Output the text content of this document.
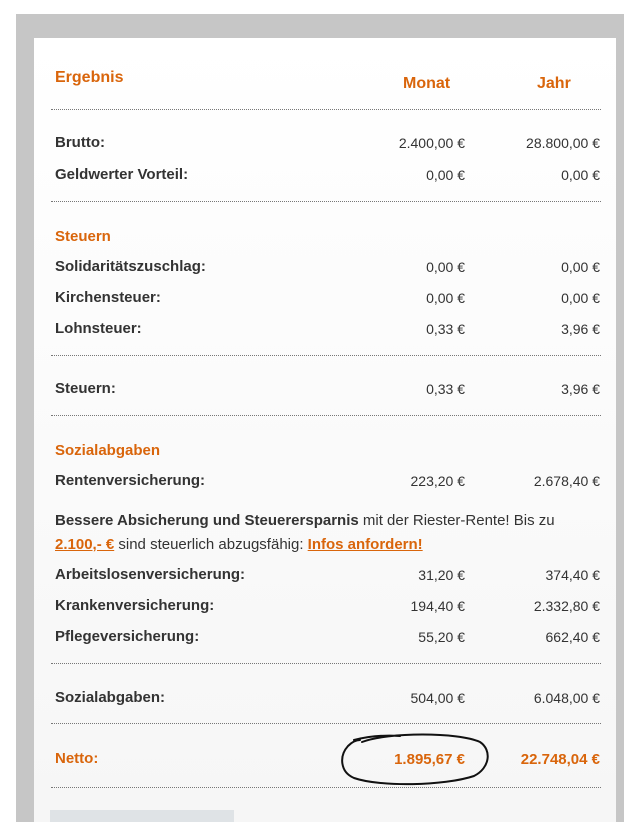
Ergebnis	Monat	Jahr
Brutto:	2.400,00 €	28.800,00 €
Geldwerter Vorteil:	0,00 €	0,00 €
Steuern
Solidaritätszuschlag:	0,00 €	0,00 €
Kirchensteuer:	0,00 €	0,00 €
Lohnsteuer:	0,33 €	3,96 €
Steuern:	0,33 €	3,96 €
Sozialabgaben
Rentenversicherung:	223,20 €	2.678,40 €
Bessere Absicherung und Steuerersparnis mit der Riester-Rente! Bis zu 2.100,- € sind steuerlich abzugsfähig: Infos anfordern!
Arbeitslosenversicherung:	31,20 €	374,40 €
Krankenversicherung:	194,40 €	2.332,80 €
Pflegeversicherung:	55,20 €	662,40 €
Sozialabgaben:	504,00 €	6.048,00 €
Netto:	1.895,67 €	22.748,04 €
